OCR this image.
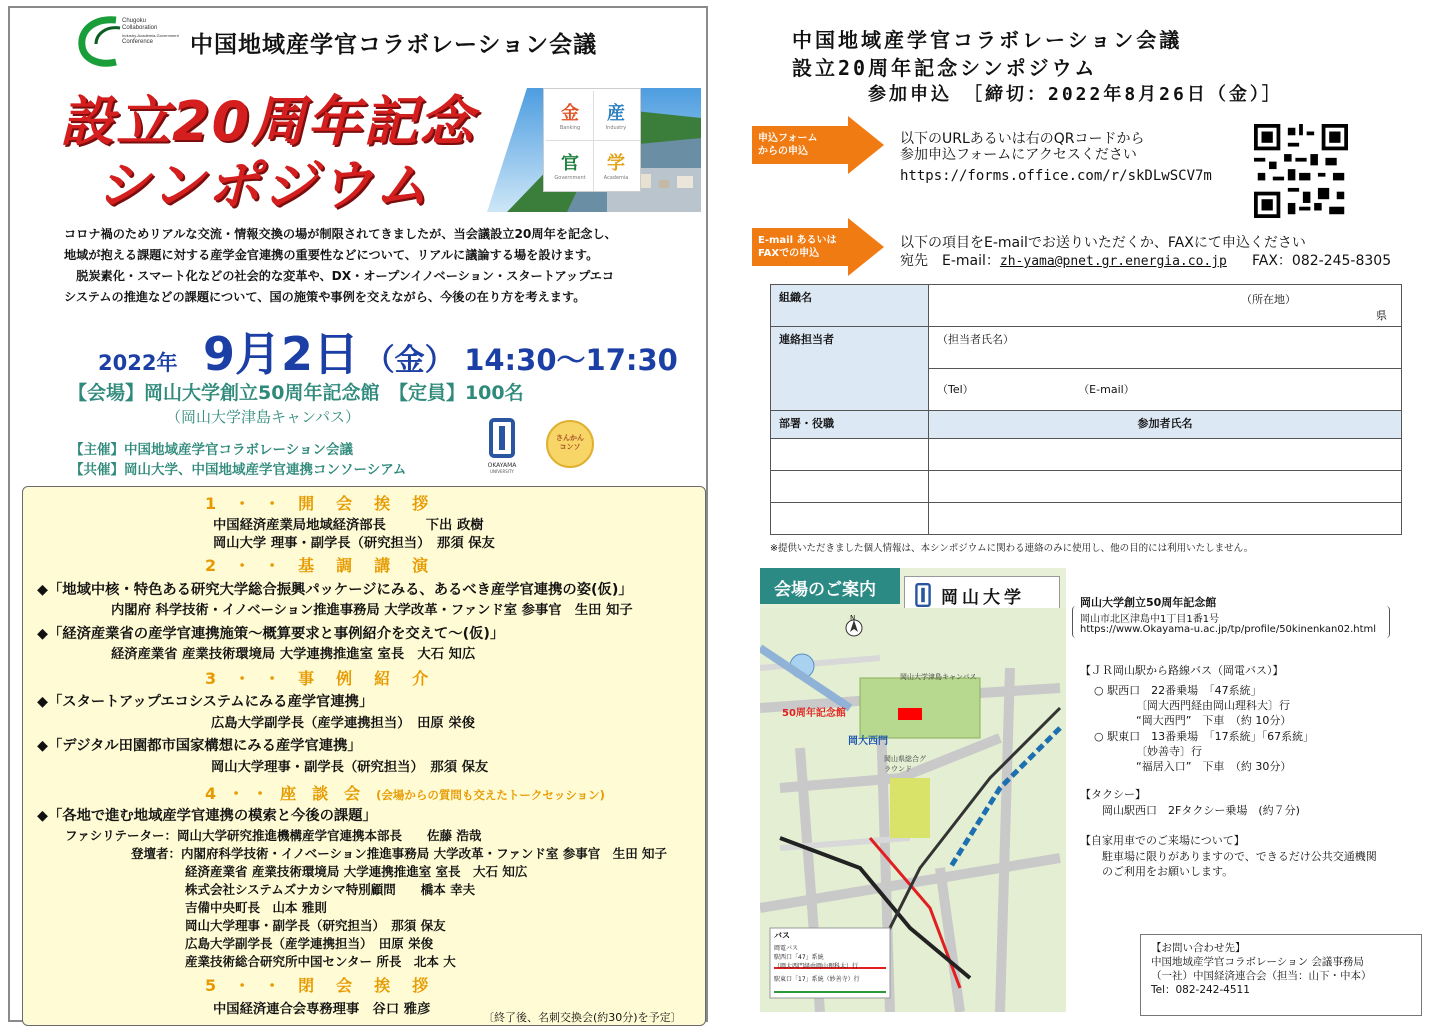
Chugoku
Collaboration
Industry-Academia-Government
Conference	中国地域産学官コラボレーション会議
設立20周年記念
シンポジウム
金
Banking
産
Industry
官
Government
学
Academia
コロナ禍のためリアルな交流・情報交換の場が制限されてきましたが、当会議設立20周年を記念し、
地域が抱える課題に対する産学金官連携の重要性などについて、リアルに議論する場を設けます。
　脱炭素化・スマート化などの社会的な変革や、DX・オープンイノベーション・スタートアップエコ
システムの推進などの課題について、国の施策や事例を交えながら、今後の在り方を考えます。
2022年 9月2日 （金） 14:30～17:30
【会場】岡山大学創立50周年記念館　【定員】100名
（岡山大学津島キャンパス）
【主催】中国地域産学官コラボレーション会議
【共催】岡山大学、中国地域産学官連携コンソーシアム	OKAYAMA
UNIVERSITY
さんかんコンソ
1･･開会挨拶
中国経済産業局地域経済部長　　　下出 政樹
岡山大学 理事・副学長（研究担当）　那須 保友
2･･基調講演
◆「地域中核・特色ある研究大学総合振興パッケージにみる、あるべき産学官連携の姿(仮)」
内閣府 科学技術・イノベーション推進事務局 大学改革・ファンド室 参事官　生田 知子
◆「経済産業省の産学官連携施策～概算要求と事例紹介を交えて～(仮)」
経済産業省 産業技術環境局 大学連携推進室 室長　大石 知広
3･･事例紹介
◆「スタートアップエコシステムにみる産学官連携」
広島大学副学長（産学連携担当）　田原 栄俊
◆「デジタル田園都市国家構想にみる産学官連携」
岡山大学理事・副学長（研究担当）　那須 保友
4･･座談会(会場からの質問も交えたトークセッション)
◆「各地で進む地域産学官連携の模索と今後の課題」
ファシリテーター：岡山大学研究推進機構産学官連携本部長　　佐藤 浩哉
登壇者：内閣府科学技術・イノベーション推進事務局 大学改革・ファンド室 参事官　生田 知子
経済産業省 産業技術環境局 大学連携推進室 室長　大石 知広
株式会社システムズナカシマ特別顧問　　橋本 幸夫
吉備中央町長　山本 雅則
岡山大学理事・副学長（研究担当）　那須 保友
広島大学副学長（産学連携担当）　田原 栄俊
産業技術総合研究所中国センター 所長　北本 大
5･･閉会挨拶
中国経済連合会専務理事　谷口 雅彦
〔終了後、名刺交換会(約30分)を予定〕
中国地域産学官コラボレーション会議
設立20周年記念シンポジウム
参加申込　［締切：2022年8月26日（金）］
申込フォーム
からの申込
以下のURLあるいは右のQRコードから
参加申込フォームにアクセスください
https://forms.office.com/r/skDLwSCV7m
E-mail あるいは
FAXでの申込
以下の項目をE-mailでお送りいただくか、FAXにて申込ください
宛先　E-mail：zh-yama@pnet.gr.energia.co.jp FAX：082-245-8305
組織名	（所在地）
県

連絡担当者	（担当者氏名）
	（Tel） （E-mail）
部署・役職	参加者氏名

※提供いただきました個人情報は、本シンポジウムに関わる連絡のみに使用し、他の目的には利用いたしません。
会場のご案内	岡山大学
N
岡山大学津島キャンパス
50周年記念館
岡大西門
岡山県総合グラウンド
バス
岡電バス
駅西口「47」系統
（岡大西門経由岡山理科大）行
駅東口「17」系統（妙善寺）行
岡山大学創立50周年記念館
岡山市北区津島中1丁目1番1号
https://www.Okayama-u.ac.jp/tp/profile/50kinenkan02.html
【ＪＲ岡山駅から路線バス（岡電バス）】
○ 駅西口　22番乗場　「47系統」
〔岡大西門経由岡山理科大〕行
“岡大西門”　下車　（約 10分）
○ 駅東口　13番乗場　「17系統」「67系統」
〔妙善寺〕行
“福居入口”　下車　（約 30分）
【タクシー】
岡山駅西口　2Fタクシー乗場　(約７分)
【自家用車でのご来場について】
駐車場に限りがありますので、できるだけ公共交通機関
のご利用をお願いします。
【お問い合わせ先】
中国地域産学官コラボレーション 会議事務局
（一社）中国経済連合会（担当：山下・中本）
Tel：082-242-4511
